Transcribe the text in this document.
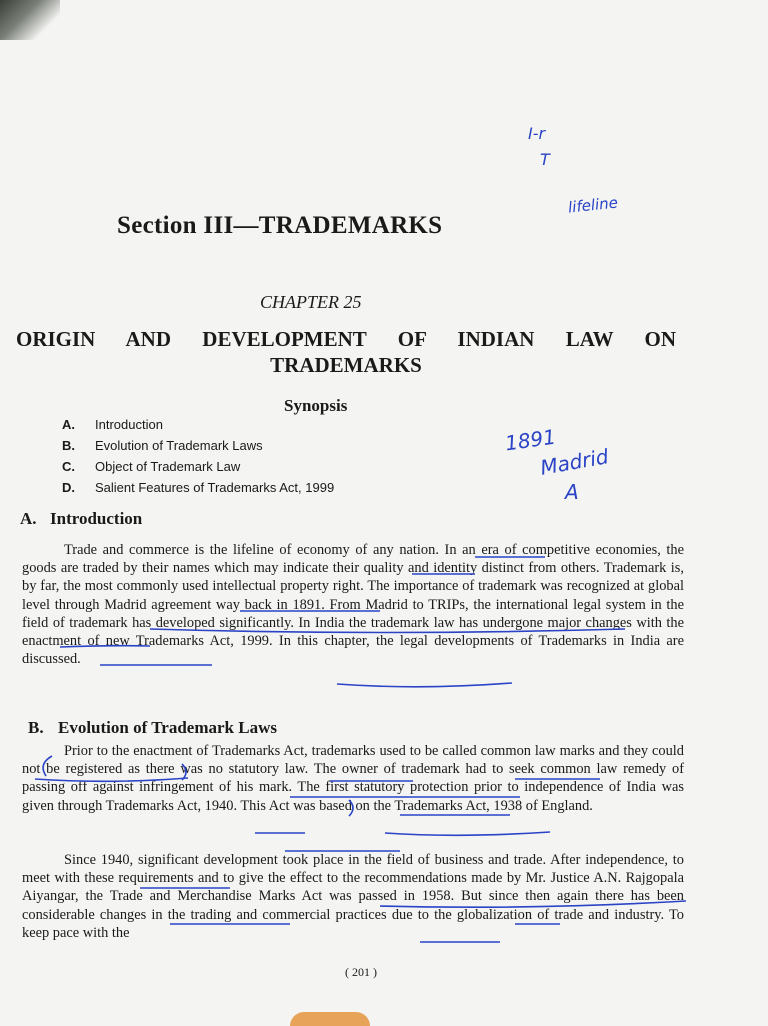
Section III—TRADEMARKS
CHAPTER 25
ORIGIN AND DEVELOPMENT OF INDIAN LAW ON
TRADEMARKS
Synopsis
A. Introduction
B. Evolution of Trademark Laws
C. Object of Trademark Law
D. Salient Features of Trademarks Act, 1999
A. Introduction

Trade and commerce is the lifeline of economy of any nation. In an era of competitive economies, the goods are traded by their names which may indicate their quality and identity distinct from others. Trademark is, by far, the most commonly used intellectual property right. The importance of trademark was recognized at global level through Madrid agreement way back in 1891. From Madrid to TRIPs, the international legal system in the field of trademark has developed significantly. In India the trademark law has undergone major changes with the enactment of new Trademarks Act, 1999. In this chapter, the legal developments of Trademarks in India are discussed.

B. Evolution of Trademark Laws

Prior to the enactment of Trademarks Act, trademarks used to be called common law marks and they could not be registered as there was no statutory law. The owner of trademark had to seek common law remedy of passing off against infringement of his mark. The first statutory protection prior to independence of India was given through Trademarks Act, 1940. This Act was based on the Trademarks Act, 1938 of England.

Since 1940, significant development took place in the field of business and trade. After independence, to meet with these requirements and to give the effect to the recommendations made by Mr. Justice A.N. Rajgopala Aiyangar, the Trade and Merchandise Marks Act was passed in 1958. But since then again there has been considerable changes in the trading and commercial practices due to the globalization of trade and industry. To keep pace with the

( 201 )
I-r
T
lifeline
1891
Madrid
A
